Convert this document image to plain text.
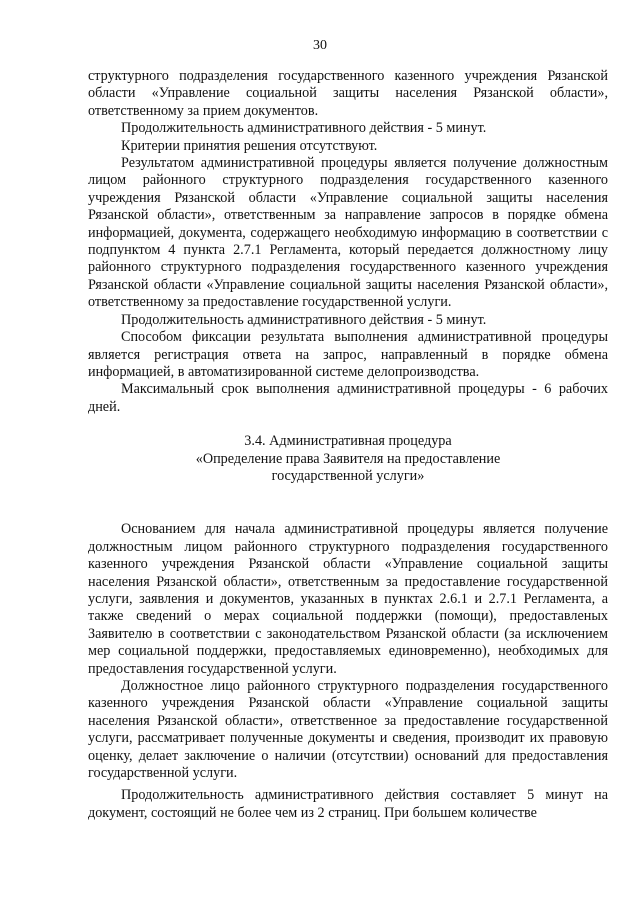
30

структурного подразделения государственного казенного учреждения Рязанской области «Управление социальной защиты населения Рязанской области», ответственному за прием документов.

Продолжительность административного действия - 5 минут.

Критерии принятия решения отсутствуют.

Результатом административной процедуры является получение должностным лицом районного структурного подразделения государственного казенного учреждения Рязанской области «Управление социальной защиты населения Рязанской области», ответственным за направление запросов в порядке обмена информацией, документа, содержащего необходимую информацию в соответствии с подпунктом 4 пункта 2.7.1 Регламента, который передается должностному лицу районного структурного подразделения государственного казенного учреждения Рязанской области «Управление социальной защиты населения Рязанской области», ответственному за предоставление государственной услуги.

Продолжительность административного действия - 5 минут.

Способом фиксации результата выполнения административной процедуры является регистрация ответа на запрос, направленный в порядке обмена информацией, в автоматизированной системе делопроизводства.

Максимальный срок выполнения административной процедуры - 6 рабочих дней.

3.4. Административная процедура
«Определение права Заявителя на предоставление
государственной услуги»

Основанием для начала административной процедуры является получение должностным лицом районного структурного подразделения государственного казенного учреждения Рязанской области «Управление социальной защиты населения Рязанской области», ответственным за предоставление государственной услуги, заявления и документов, указанных в пунктах 2.6.1 и 2.7.1 Регламента, а также сведений о мерах социальной поддержки (помощи), предоставленых Заявителю в соответствии с законодательством Рязанской области (за исключением мер социальной поддержки, предоставляемых единовременно), необходимых для предоставления государственной услуги.

Должностное лицо районного структурного подразделения государственного казенного учреждения Рязанской области «Управление социальной защиты населения Рязанской области», ответственное за предоставление государственной услуги, рассматривает полученные документы и сведения, производит их правовую оценку, делает заключение о наличии (отсутствии) оснований для предоставления государственной услуги.

Продолжительность административного действия составляет 5 минут на документ, состоящий не более чем из 2 страниц. При большем количестве
